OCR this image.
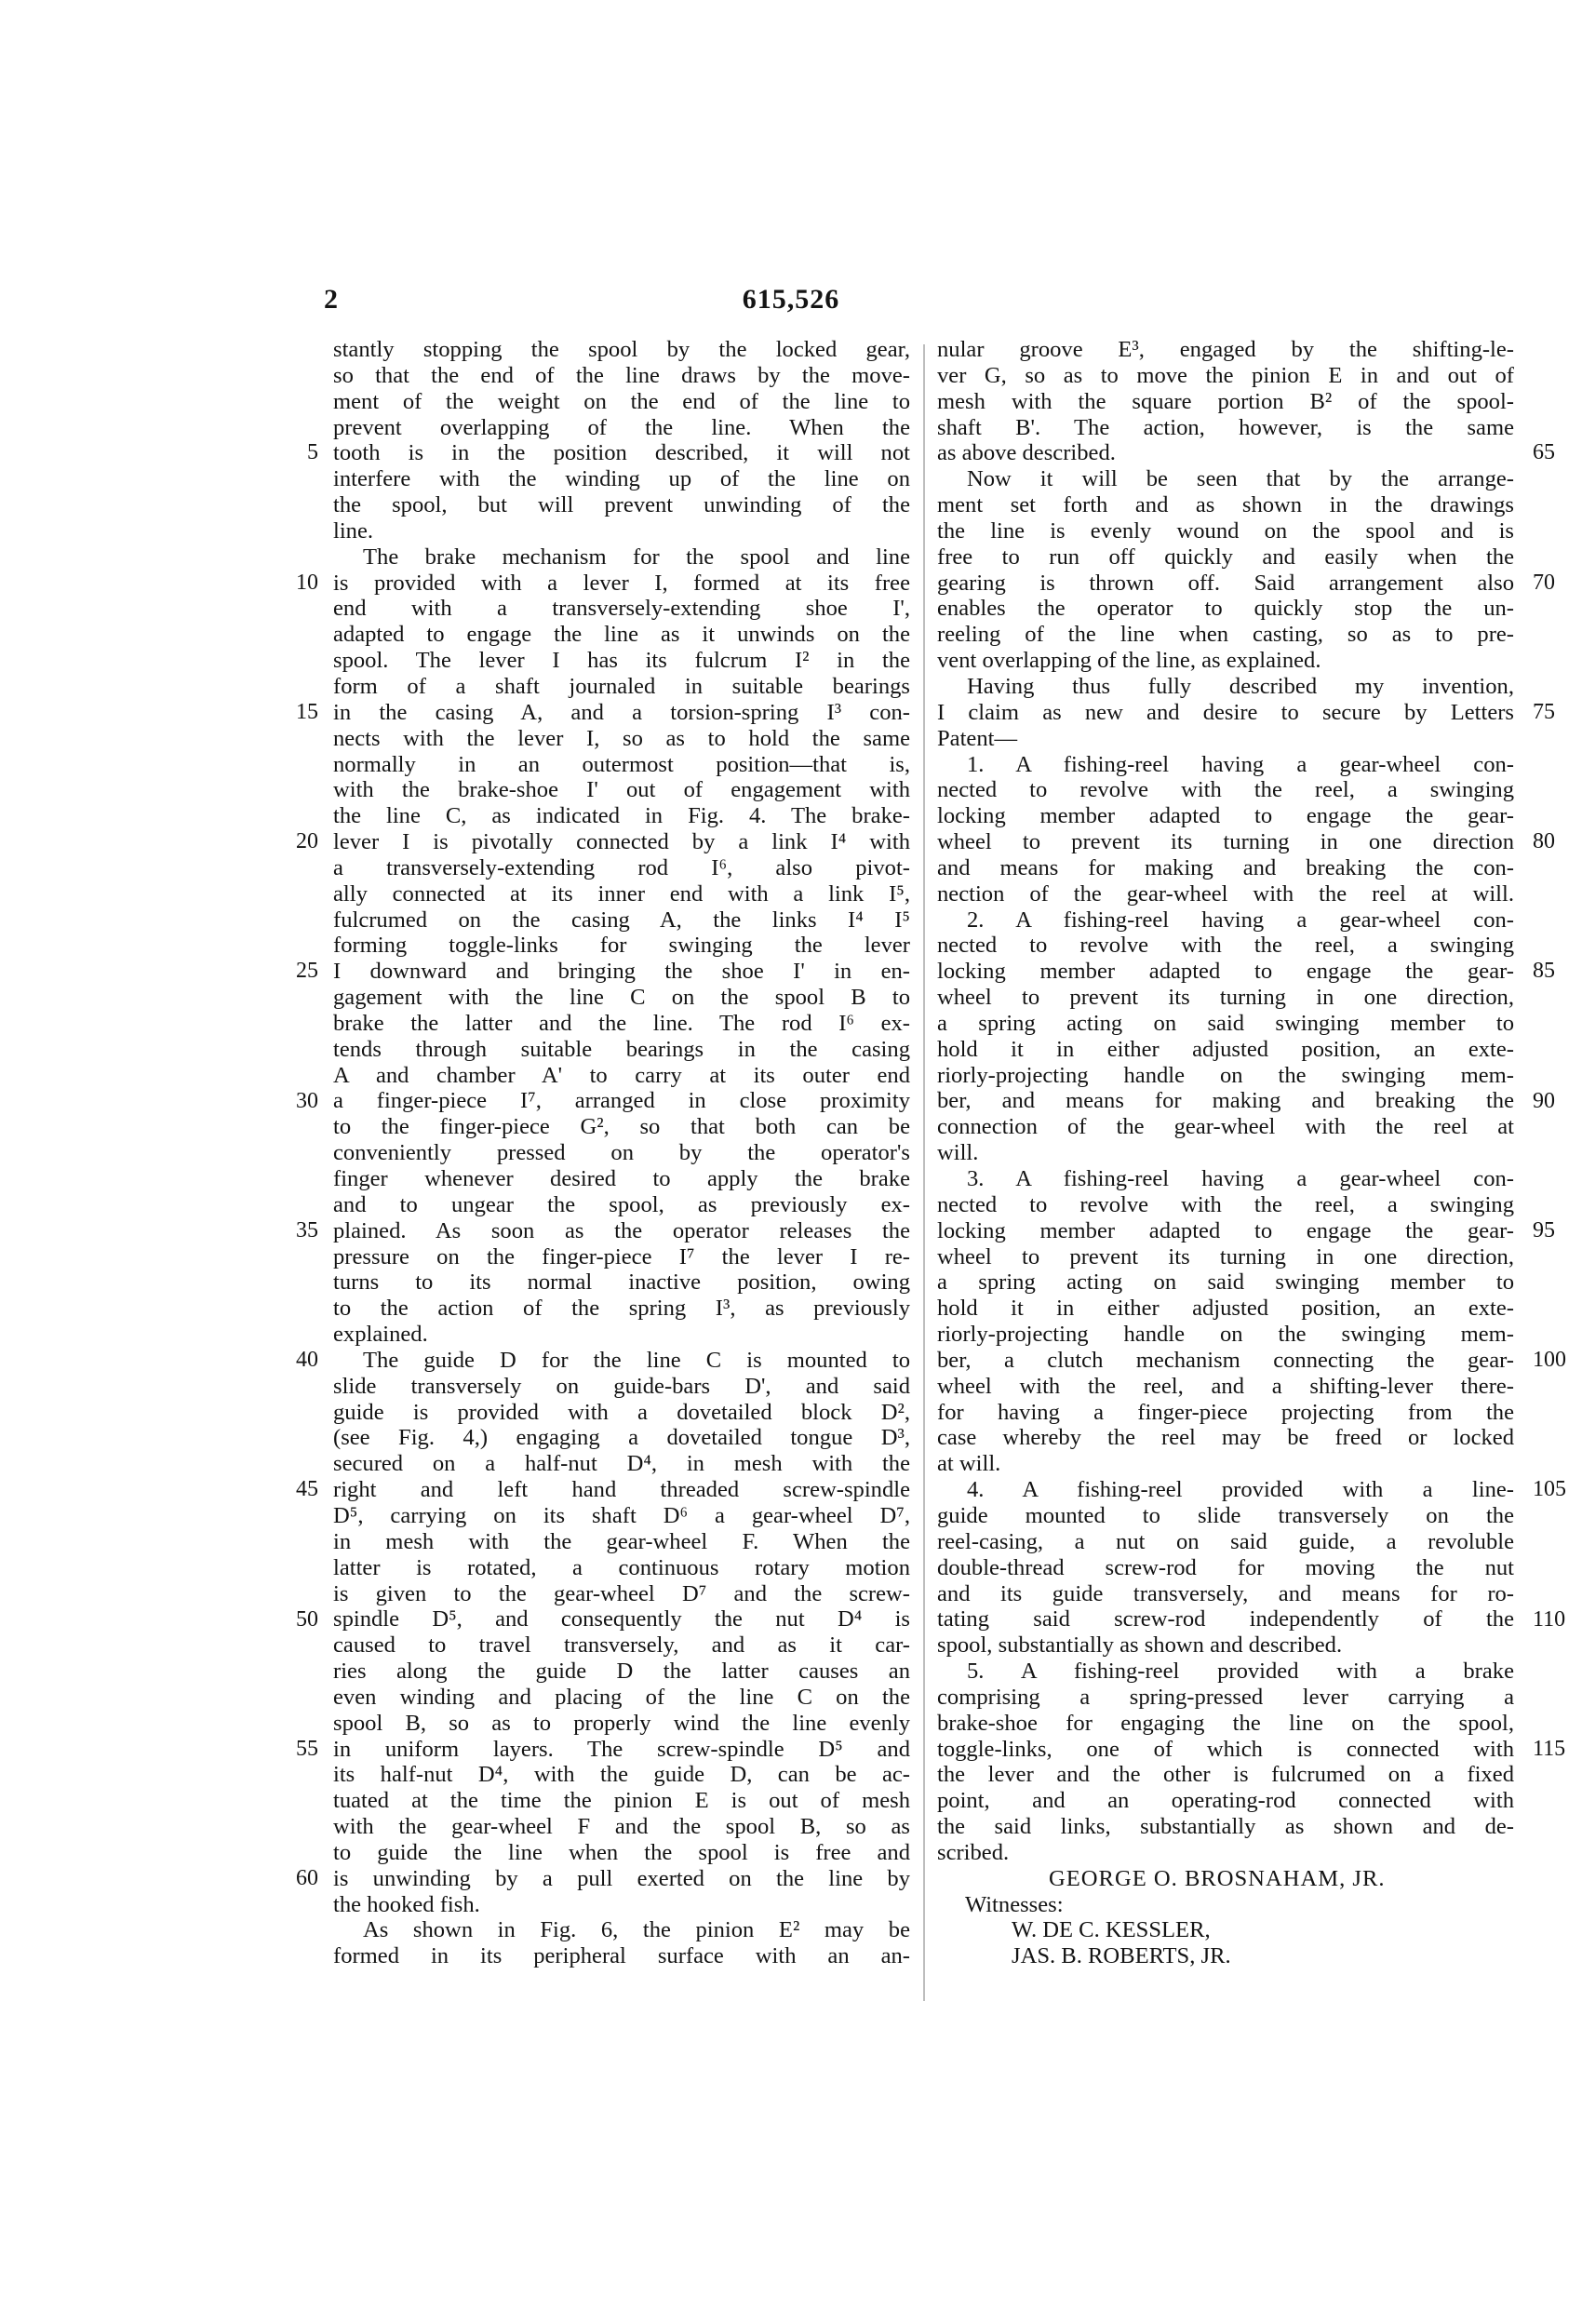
2	615,526
stantly stopping the spool by the locked gear,
so that the end of the line draws by the move-
ment of the weight on the end of the line to
prevent overlapping of the line. When the
tooth is in the position described, it will not
interfere with the winding up of the line on
the spool, but will prevent unwinding of the
line.
The brake mechanism for the spool and line
is provided with a lever I, formed at its free
end with a transversely-extending shoe I',
adapted to engage the line as it unwinds on the
spool. The lever I has its fulcrum I² in the
form of a shaft journaled in suitable bearings
in the casing A, and a torsion-spring I³ con-
nects with the lever I, so as to hold the same
normally in an outermost position—that is,
with the brake-shoe I' out of engagement with
the line C, as indicated in Fig. 4. The brake-
lever I is pivotally connected by a link I⁴ with
a transversely-extending rod I⁶, also pivot-
ally connected at its inner end with a link I⁵,
fulcrumed on the casing A, the links I⁴ I⁵
forming toggle-links for swinging the lever
I downward and bringing the shoe I' in en-
gagement with the line C on the spool B to
brake the latter and the line. The rod I⁶ ex-
tends through suitable bearings in the casing
A and chamber A' to carry at its outer end
a finger-piece I⁷, arranged in close proximity
to the finger-piece G², so that both can be
conveniently pressed on by the operator's
finger whenever desired to apply the brake
and to ungear the spool, as previously ex-
plained. As soon as the operator releases the
pressure on the finger-piece I⁷ the lever I re-
turns to its normal inactive position, owing
to the action of the spring I³, as previously
explained.
The guide D for the line C is mounted to
slide transversely on guide-bars D', and said
guide is provided with a dovetailed block D²,
(see Fig. 4,) engaging a dovetailed tongue D³,
secured on a half-nut D⁴, in mesh with the
right and left hand threaded screw-spindle
D⁵, carrying on its shaft D⁶ a gear-wheel D⁷,
in mesh with the gear-wheel F. When the
latter is rotated, a continuous rotary motion
is given to the gear-wheel D⁷ and the screw-
spindle D⁵, and consequently the nut D⁴ is
caused to travel transversely, and as it car-
ries along the guide D the latter causes an
even winding and placing of the line C on the
spool B, so as to properly wind the line evenly
in uniform layers. The screw-spindle D⁵ and
its half-nut D⁴, with the guide D, can be ac-
tuated at the time the pinion E is out of mesh
with the gear-wheel F and the spool B, so as
to guide the line when the spool is free and
is unwinding by a pull exerted on the line by
the hooked fish.
As shown in Fig. 6, the pinion E² may be
formed in its peripheral surface with an an-
nular groove E³, engaged by the shifting-le-
ver G, so as to move the pinion E in and out of
mesh with the square portion B² of the spool-
shaft B'. The action, however, is the same
as above described.
Now it will be seen that by the arrange-
ment set forth and as shown in the drawings
the line is evenly wound on the spool and is
free to run off quickly and easily when the
gearing is thrown off. Said arrangement also
enables the operator to quickly stop the un-
reeling of the line when casting, so as to pre-
vent overlapping of the line, as explained.
Having thus fully described my invention,
I claim as new and desire to secure by Letters
Patent—
1. A fishing-reel having a gear-wheel con-
nected to revolve with the reel, a swinging
locking member adapted to engage the gear-
wheel to prevent its turning in one direction
and means for making and breaking the con-
nection of the gear-wheel with the reel at will.
2. A fishing-reel having a gear-wheel con-
nected to revolve with the reel, a swinging
locking member adapted to engage the gear-
wheel to prevent its turning in one direction,
a spring acting on said swinging member to
hold it in either adjusted position, an exte-
riorly-projecting handle on the swinging mem-
ber, and means for making and breaking the
connection of the gear-wheel with the reel at
will.
3. A fishing-reel having a gear-wheel con-
nected to revolve with the reel, a swinging
locking member adapted to engage the gear-
wheel to prevent its turning in one direction,
a spring acting on said swinging member to
hold it in either adjusted position, an exte-
riorly-projecting handle on the swinging mem-
ber, a clutch mechanism connecting the gear-
wheel with the reel, and a shifting-lever there-
for having a finger-piece projecting from the
case whereby the reel may be freed or locked
at will.
4. A fishing-reel provided with a line-
guide mounted to slide transversely on the
reel-casing, a nut on said guide, a revoluble
double-thread screw-rod for moving the nut
and its guide transversely, and means for ro-
tating said screw-rod independently of the
spool, substantially as shown and described.
5. A fishing-reel provided with a brake
comprising a spring-pressed lever carrying a
brake-shoe for engaging the line on the spool,
toggle-links, one of which is connected with
the lever and the other is fulcrumed on a fixed
point, and an operating-rod connected with
the said links, substantially as shown and de-
scribed.
GEORGE O. BROSNAHAM, JR.
Witnesses:
W. DE C. KESSLER,
JAS. B. ROBERTS, JR.
5
10
15
20
25
30
35
40
45
50
55
60
65
70
75
80
85
90
95
100
105
110
115
